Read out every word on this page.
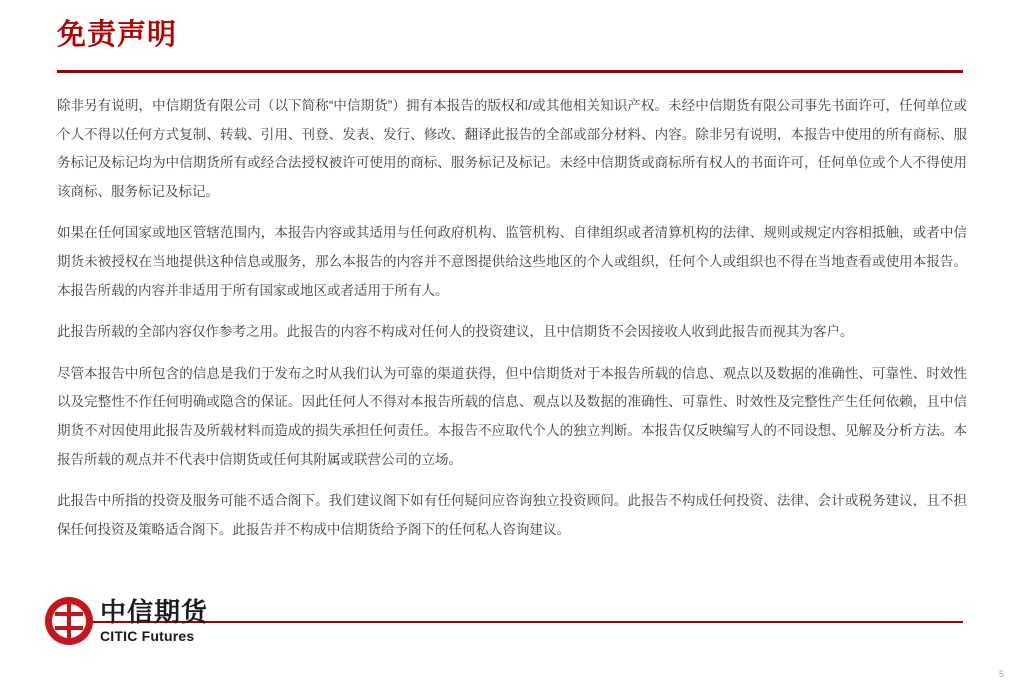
免责声明

除非另有说明，中信期货有限公司（以下简称“中信期货”）拥有本报告的版权和/或其他相关知识产权。未经中信期货有限公司事先书面许可，任何单位或个人不得以任何方式复制、转载、引用、刊登、发表、发行、修改、翻译此报告的全部或部分材料、内容。除非另有说明，本报告中使用的所有商标、服务标记及标记均为中信期货所有或经合法授权被许可使用的商标、服务标记及标记。未经中信期货或商标所有权人的书面许可，任何单位或个人不得使用该商标、服务标记及标记。

如果在任何国家或地区管辖范围内，本报告内容或其适用与任何政府机构、监管机构、自律组织或者清算机构的法律、规则或规定内容相抵触，或者中信期货未被授权在当地提供这种信息或服务，那么本报告的内容并不意图提供给这些地区的个人或组织，任何个人或组织也不得在当地查看或使用本报告。本报告所载的内容并非适用于所有国家或地区或者适用于所有人。

此报告所载的全部内容仅作参考之用。此报告的内容不构成对任何人的投资建议，且中信期货不会因接收人收到此报告而视其为客户。

尽管本报告中所包含的信息是我们于发布之时从我们认为可靠的渠道获得，但中信期货对于本报告所载的信息、观点以及数据的准确性、可靠性、时效性以及完整性不作任何明确或隐含的保证。因此任何人不得对本报告所载的信息、观点以及数据的准确性、可靠性、时效性及完整性产生任何依赖，且中信期货不对因使用此报告及所载材料而造成的损失承担任何责任。本报告不应取代个人的独立判断。本报告仅反映编写人的不同设想、见解及分析方法。本报告所载的观点并不代表中信期货或任何其附属或联营公司的立场。

此报告中所指的投资及服务可能不适合阁下。我们建议阁下如有任何疑问应咨询独立投资顾问。此报告不构成任何投资、法律、会计或税务建议，且不担保任何投资及策略适合阁下。此报告并不构成中信期货给予阁下的任何私人咨询建议。

中信期货
CITIC Futures
5
